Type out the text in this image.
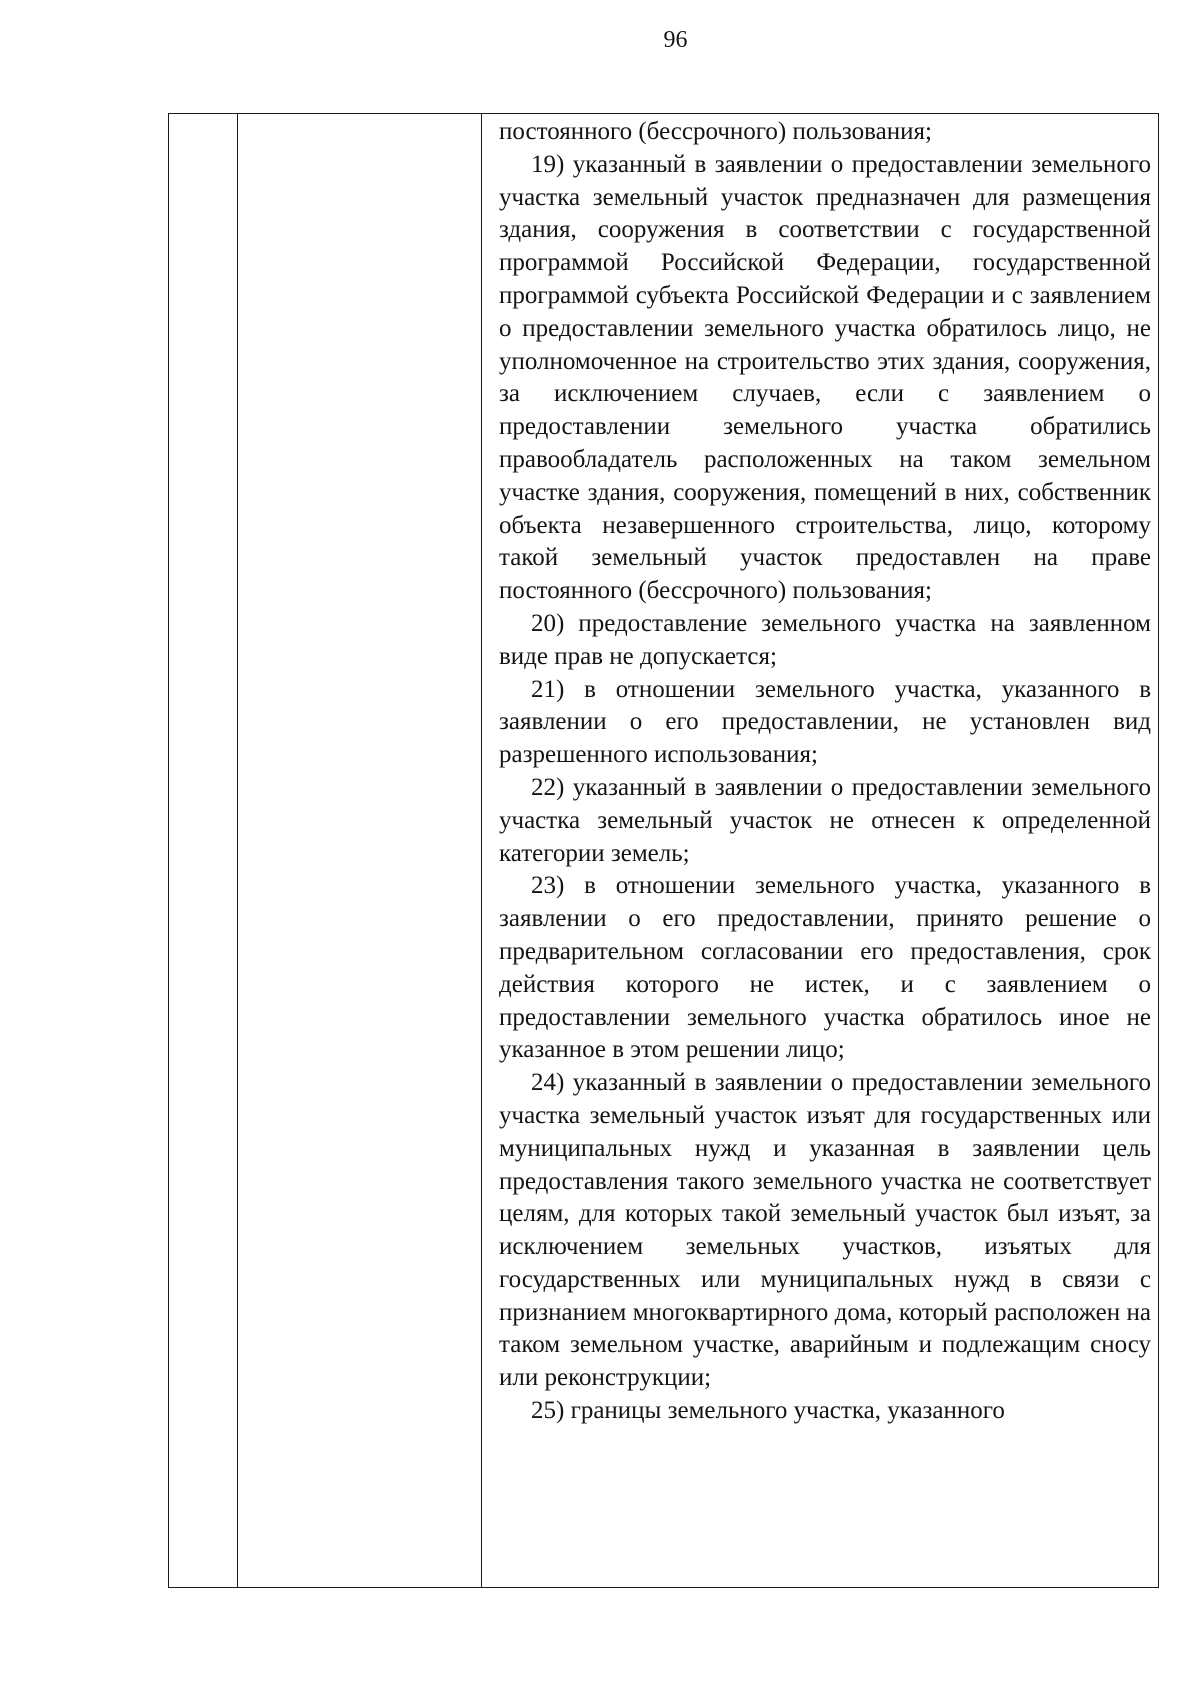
96

постоянного (бессрочного) пользования;

19) указанный в заявлении о предоставлении земельного участка земельный участок предназначен для размещения здания, сооружения в соответствии с государственной программой Российской Федерации, государственной программой субъекта Российской Федерации и с заявлением о предоставлении земельного участка обратилось лицо, не уполномоченное на строительство этих здания, сооружения, за исключением случаев, если с заявлением о предоставлении земельного участка обратились правообладатель расположенных на таком земельном участке здания, сооружения, помещений в них, собственник объекта незавершенного строительства, лицо, которому такой земельный участок предоставлен на праве постоянного (бессрочного) пользования;

20) предоставление земельного участка на заявленном виде прав не допускается;

21) в отношении земельного участка, указанного в заявлении о его предоставлении, не установлен вид разрешенного использования;

22) указанный в заявлении о предоставлении земельного участка земельный участок не отнесен к определенной категории земель;

23) в отношении земельного участка, указанного в заявлении о его предоставлении, принято решение о предварительном согласовании его предоставления, срок действия которого не истек, и с заявлением о предоставлении земельного участка обратилось иное не указанное в этом решении лицо;

24) указанный в заявлении о предоставлении земельного участка земельный участок изъят для государственных или муниципальных нужд и указанная в заявлении цель предоставления такого земельного участка не соответствует целям, для которых такой земельный участок был изъят, за исключением земельных участков, изъятых для государственных или муниципальных нужд в связи с признанием многоквартирного дома, который расположен на таком земельном участке, аварийным и подлежащим сносу или реконструкции;

25) границы земельного участка, указанного
